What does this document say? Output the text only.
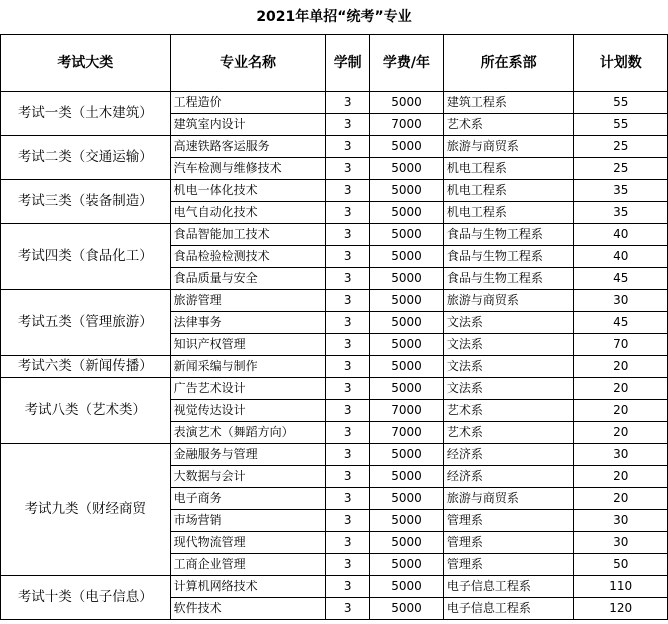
2021年单招“统考”专业
考试大类	专业名称	学制	学费/年	所在系部	计划数
考试一类（土木建筑）	工程造价	3	5000	建筑工程系	55
	建筑室内设计	3	7000	艺术系	55
考试二类（交通运输）	高速铁路客运服务	3	5000	旅游与商贸系	25
	汽车检测与维修技术	3	5000	机电工程系	25
考试三类（装备制造）	机电一体化技术	3	5000	机电工程系	35
	电气自动化技术	3	5000	机电工程系	35
考试四类（食品化工）	食品智能加工技术	3	5000	食品与生物工程系	40
	食品检验检测技术	3	5000	食品与生物工程系	40
	食品质量与安全	3	5000	食品与生物工程系	45
考试五类（管理旅游）	旅游管理	3	5000	旅游与商贸系	30
	法律事务	3	5000	文法系	45
	知识产权管理	3	5000	文法系	70
考试六类（新闻传播）	新闻采编与制作	3	5000	文法系	20
考试八类（艺术类）	广告艺术设计	3	5000	文法系	20
	视觉传达设计	3	7000	艺术系	20
	表演艺术（舞蹈方向）	3	7000	艺术系	20
考试九类（财经商贸	金融服务与管理	3	5000	经济系	30
	大数据与会计	3	5000	经济系	20
	电子商务	3	5000	旅游与商贸系	20
	市场营销	3	5000	管理系	30
	现代物流管理	3	5000	管理系	30
	工商企业管理	3	5000	管理系	50
考试十类（电子信息）	计算机网络技术	3	5000	电子信息工程系	110
	软件技术	3	5000	电子信息工程系	120
